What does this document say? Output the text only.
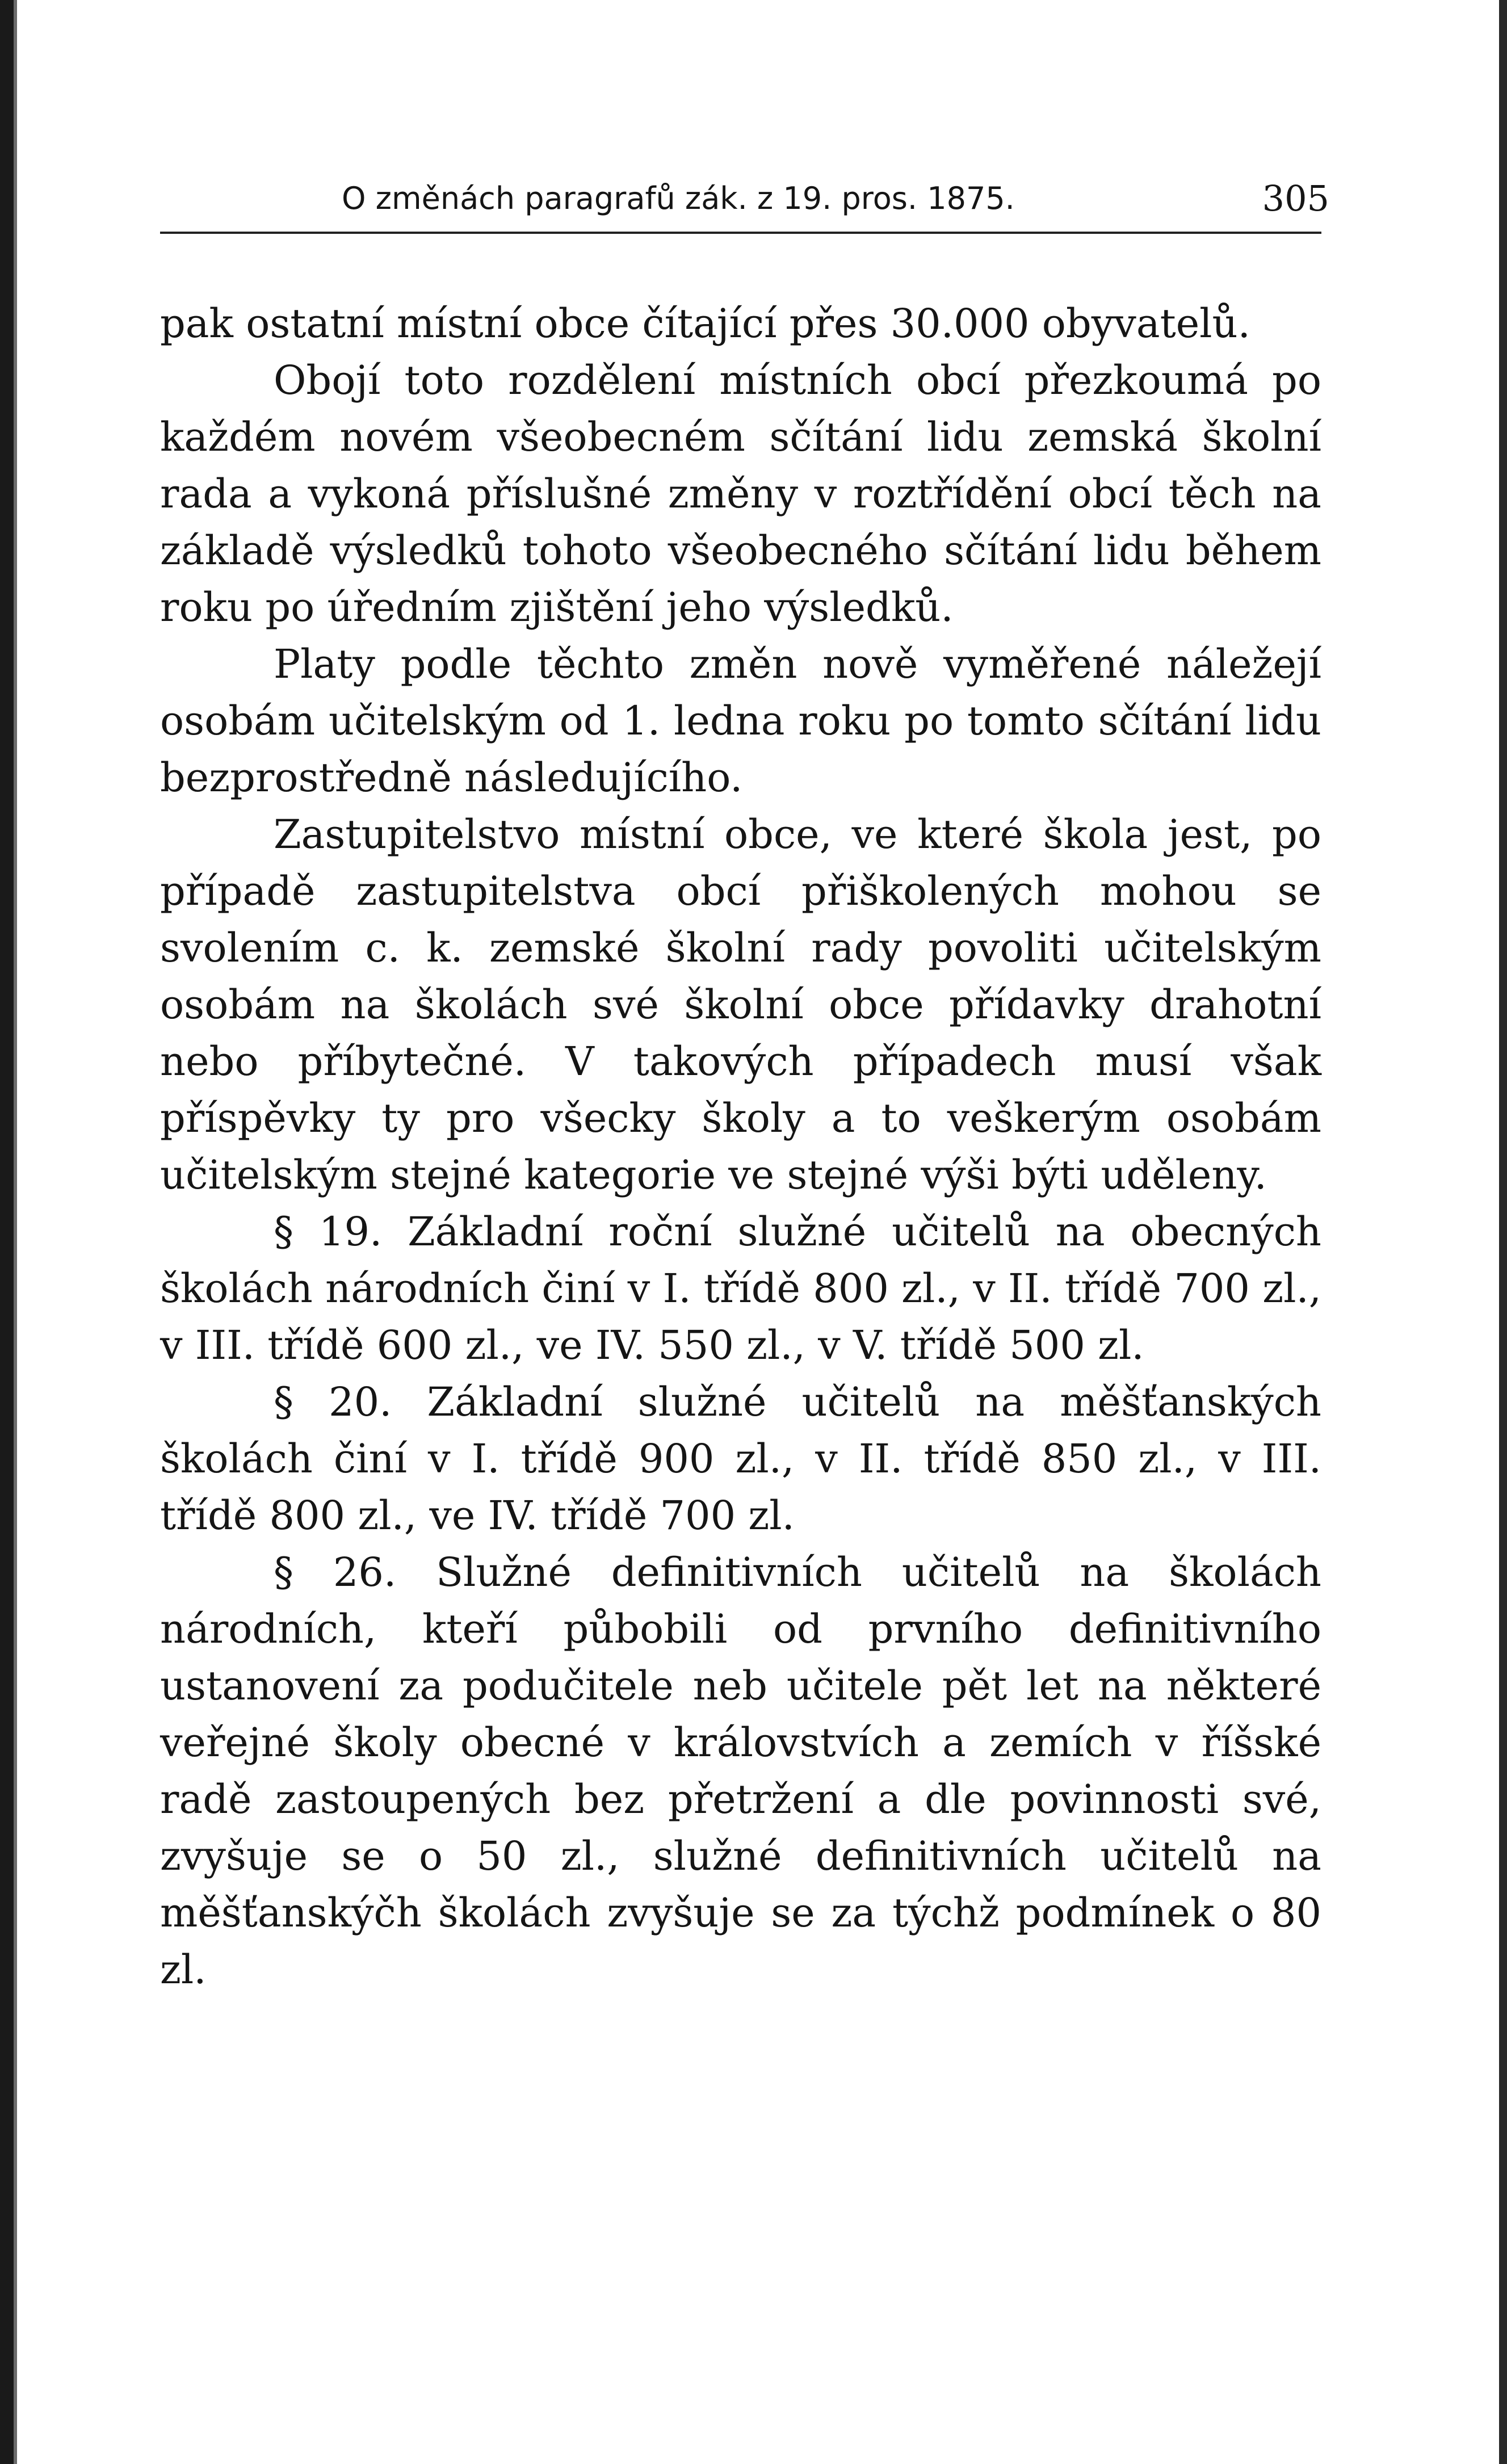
O změnách paragrafů zák. z 19. pros. 1875.	305

pak ostatní místní obce čítající přes 30.000 obyvatelů.

Obojí toto rozdělení místních obcí přezkoumá po každém novém všeobecném sčítání lidu zemská školní rada a vykoná příslušné změny v roztřídění obcí těch na základě výsledků tohoto všeobecného sčítání lidu během roku po úředním zjištění jeho výsledků.

Platy podle těchto změn nově vyměřené náležejí osobám učitelským od 1. ledna roku po tomto sčítání lidu bezprostředně následujícího.

Zastupitelstvo místní obce, ve které škola jest, po případě zastupitelstva obcí přiškolených mohou se svolením c. k. zemské školní rady povoliti učitelským osobám na školách své školní obce přídavky drahotní nebo příbytečné. V takových případech musí však příspěvky ty pro všecky školy a to veškerým osobám učitelským stejné kategorie ve stejné výši býti uděleny.

§ 19. Základní roční služné učitelů na obecných školách národních činí v I. třídě 800 zl., v II. třídě 700 zl., v III. třídě 600 zl., ve IV. 550 zl., v V. třídě 500 zl.

§ 20. Základní služné učitelů na měšťanských školách činí v I. třídě 900 zl., v II. třídě 850 zl., v III. třídě 800 zl., ve IV. třídě 700 zl.

§ 26. Služné definitivních učitelů na školách národních, kteří půbobili od prvního definitivního ustanovení za podučitele neb učitele pět let na některé veřejné školy obecné v královstvích a zemích v říšské radě zastoupených bez přetržení a dle povinnosti své, zvyšuje se o 50 zl., služné definitivních učitelů na měšťanskýčh školách zvyšuje se za týchž podmínek o 80 zl.
